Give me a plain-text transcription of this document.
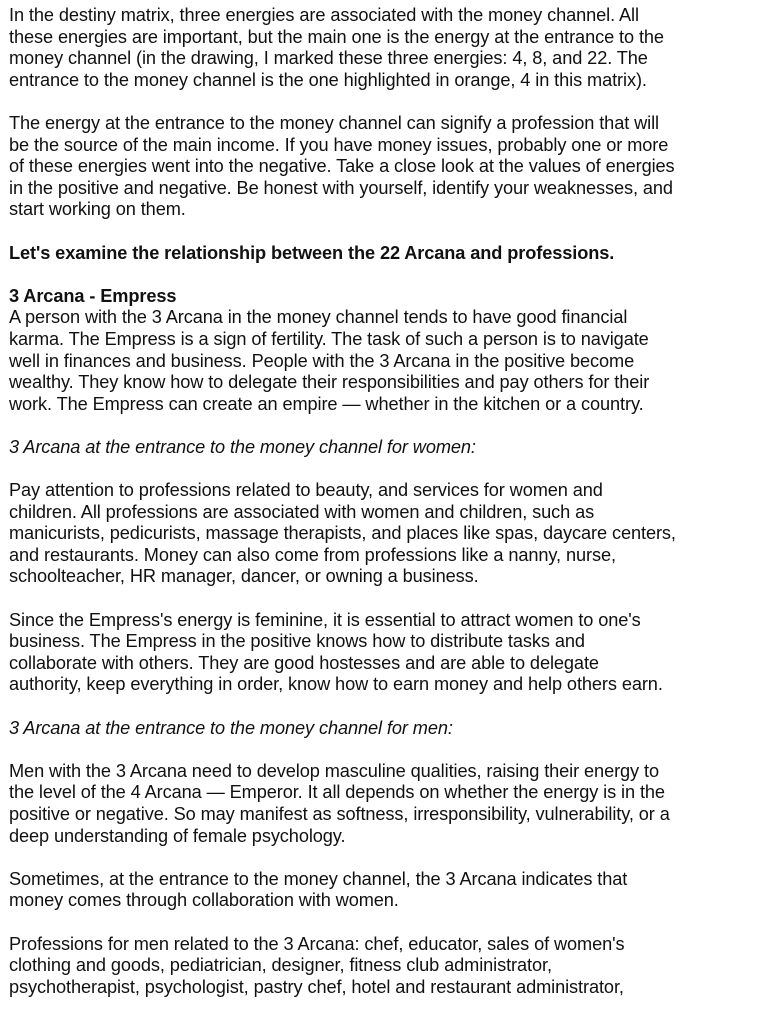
In the destiny matrix, three energies are associated with the money channel. All
these energies are important, but the main one is the energy at the entrance to the
money channel (in the drawing, I marked these three energies: 4, 8, and 22. The
entrance to the money channel is the one highlighted in orange, 4 in this matrix).
The energy at the entrance to the money channel can signify a profession that will
be the source of the main income. If you have money issues, probably one or more
of these energies went into the negative. Take a close look at the values of energies
in the positive and negative. Be honest with yourself, identify your weaknesses, and
start working on them.
Let's examine the relationship between the 22 Arcana and professions.
3 Arcana - Empress
A person with the 3 Arcana in the money channel tends to have good financial
karma. The Empress is a sign of fertility. The task of such a person is to navigate
well in finances and business. People with the 3 Arcana in the positive become
wealthy. They know how to delegate their responsibilities and pay others for their
work. The Empress can create an empire — whether in the kitchen or a country.
3 Arcana at the entrance to the money channel for women:
Pay attention to professions related to beauty, and services for women and
children. All professions are associated with women and children, such as
manicurists, pedicurists, massage therapists, and places like spas, daycare centers,
and restaurants. Money can also come from professions like a nanny, nurse,
schoolteacher, HR manager, dancer, or owning a business.
Since the Empress's energy is feminine, it is essential to attract women to one's
business. The Empress in the positive knows how to distribute tasks and
collaborate with others. They are good hostesses and are able to delegate
authority, keep everything in order, know how to earn money and help others earn.
3 Arcana at the entrance to the money channel for men:
Men with the 3 Arcana need to develop masculine qualities, raising their energy to
the level of the 4 Arcana — Emperor. It all depends on whether the energy is in the
positive or negative. So may manifest as softness, irresponsibility, vulnerability, or a
deep understanding of female psychology.
Sometimes, at the entrance to the money channel, the 3 Arcana indicates that
money comes through collaboration with women.
Professions for men related to the 3 Arcana: chef, educator, sales of women's
clothing and goods, pediatrician, designer, fitness club administrator,
psychotherapist, psychologist, pastry chef, hotel and restaurant administrator,
